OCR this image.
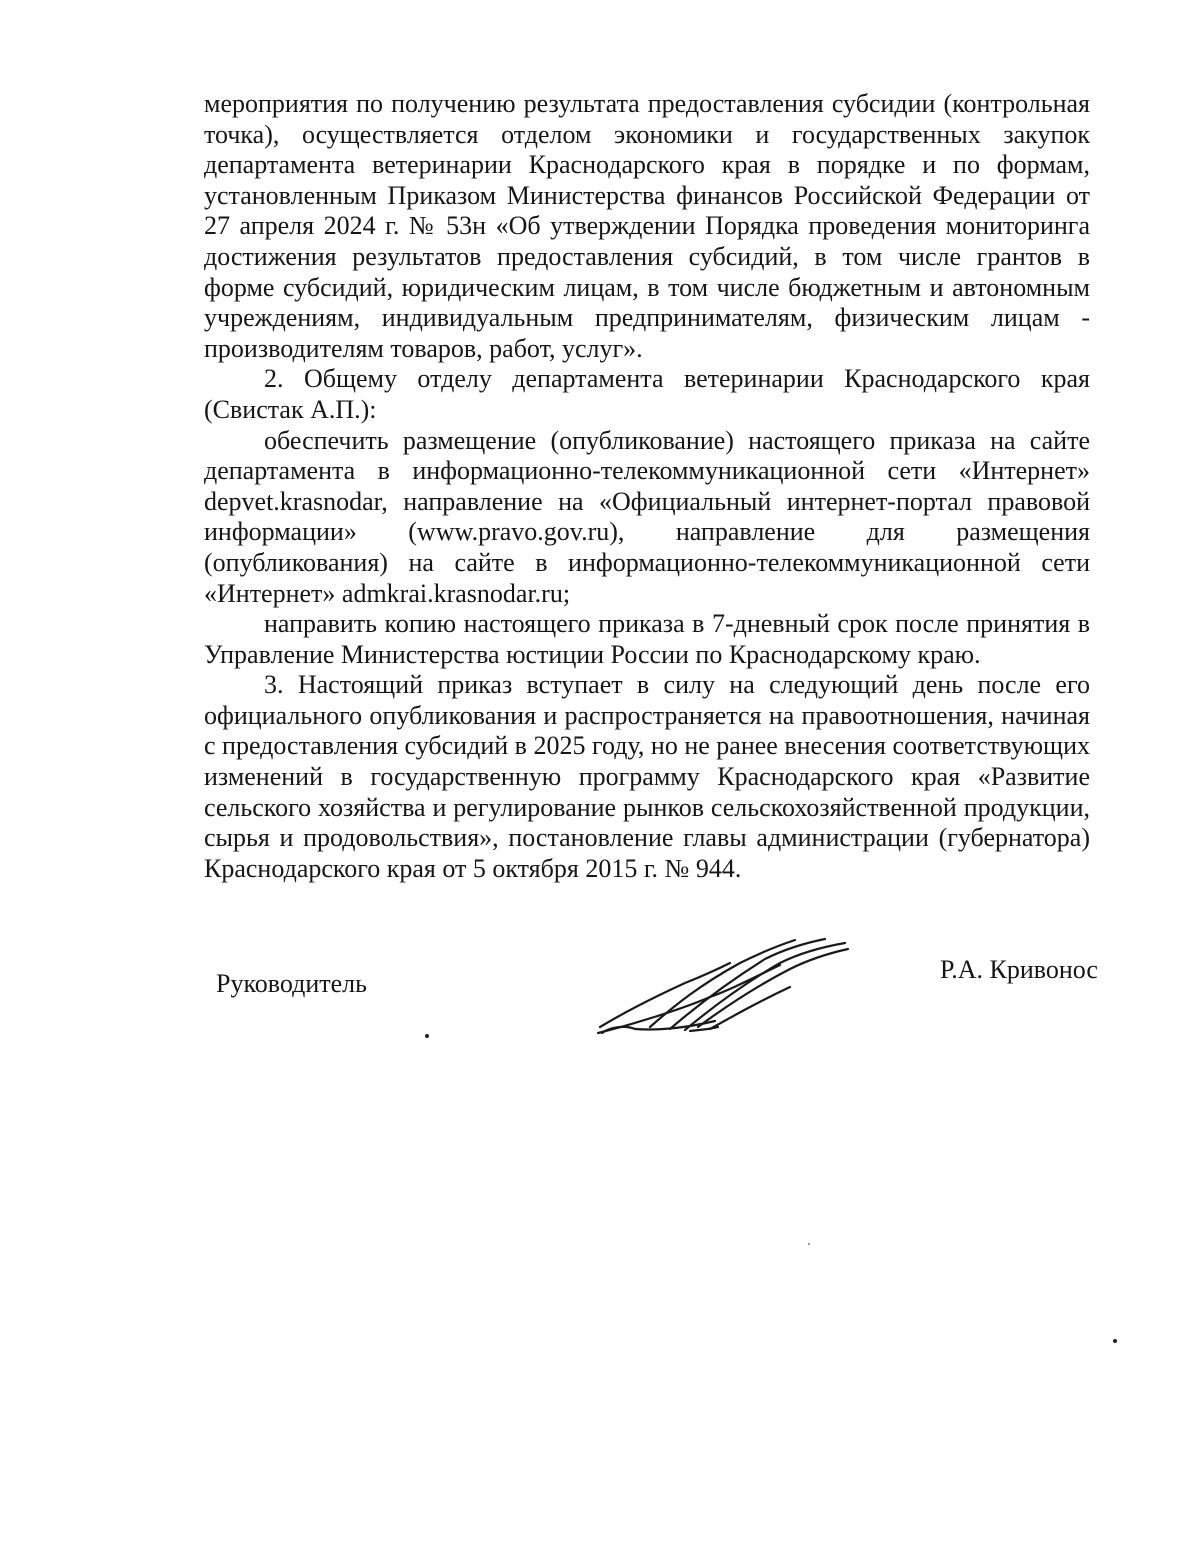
мероприятия по получению результата предоставления субсидии (контрольная точка), осуществляется отделом экономики и государственных закупок департамента ветеринарии Краснодарского края в порядке и по формам, установленным Приказом Министерства финансов Российской Федерации от 27 апреля 2024 г. № 53н «Об утверждении Порядка проведения мониторинга достижения результатов предоставления субсидий, в том числе грантов в форме субсидий, юридическим лицам, в том числе бюджетным и автономным учреждениям, индивидуальным предпринимателям, физическим лицам - производителям товаров, работ, услуг».

2. Общему отделу департамента ветеринарии Краснодарского края (Свистак А.П.):

обеспечить размещение (опубликование) настоящего приказа на сайте департамента в информационно-телекоммуникационной сети «Интернет» depvet.krasnodar, направление на «Официальный интернет-портал правовой информации» (www.pravo.gov.ru), направление для размещения (опубликования) на сайте в информационно-телекоммуникационной сети «Интернет» admkrai.krasnodar.ru;

направить копию настоящего приказа в 7-дневный срок после принятия в Управление Министерства юстиции России по Краснодарскому краю.

3. Настоящий приказ вступает в силу на следующий день после его официального опубликования и распространяется на правоотношения, начиная с предоставления субсидий в 2025 году, но не ранее внесения соответствующих изменений в государственную программу Краснодарского края «Развитие сельского хозяйства и регулирование рынков сельскохозяйственной продукции, сырья и продовольствия», постановление главы администрации (губернатора) Краснодарского края от 5 октября 2015 г. № 944.

Руководитель	Р.А. Кривонос
